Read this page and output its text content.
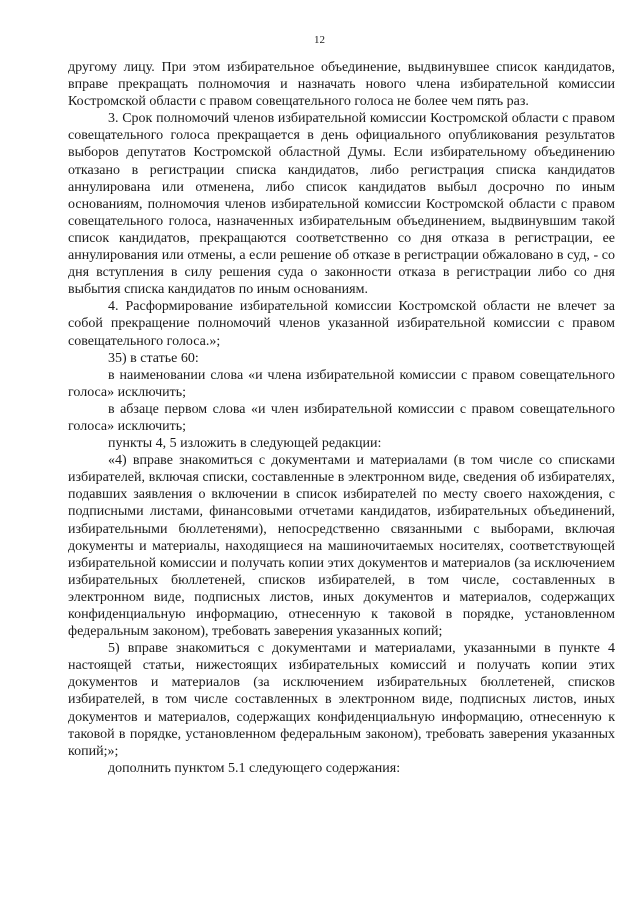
12

другому лицу. При этом избирательное объединение, выдвинувшее список кандидатов, вправе прекращать полномочия и назначать нового члена избирательной комиссии Костромской области с правом совещательного голоса не более чем пять раз.

3. Срок полномочий членов избирательной комиссии Костромской области с правом совещательного голоса прекращается в день официального опубликования результатов выборов депутатов Костромской областной Думы. Если избирательному объединению отказано в регистрации списка кандидатов, либо регистрация списка кандидатов аннулирована или отменена, либо список кандидатов выбыл досрочно по иным основаниям, полномочия членов избирательной комиссии Костромской области с правом совещательного голоса, назначенных избирательным объединением, выдвинувшим такой список кандидатов, прекращаются соответственно со дня отказа в регистрации, ее аннулирования или отмены, а если решение об отказе в регистрации обжаловано в суд, - со дня вступления в силу решения суда о законности отказа в регистрации либо со дня выбытия списка кандидатов по иным основаниям.

4. Расформирование избирательной комиссии Костромской области не влечет за собой прекращение полномочий членов указанной избирательной комиссии с правом совещательного голоса.»;

35) в статье 60:

в наименовании слова «и члена избирательной комиссии с правом совещательного голоса» исключить;

в абзаце первом слова «и член избирательной комиссии с правом совещательного голоса» исключить;

пункты 4, 5 изложить в следующей редакции:

«4) вправе знакомиться с документами и материалами (в том числе со списками избирателей, включая списки, составленные в электронном виде, сведения об избирателях, подавших заявления о включении в список избирателей по месту своего нахождения, с подписными листами, финансовыми отчетами кандидатов, избирательных объединений, избирательными бюллетенями), непосредственно связанными с выборами, включая документы и материалы, находящиеся на машиночитаемых носителях, соответствующей избирательной комиссии и получать копии этих документов и материалов (за исключением избирательных бюллетеней, списков избирателей, в том числе, составленных в электронном виде, подписных листов, иных документов и материалов, содержащих конфиденциальную информацию, отнесенную к таковой в порядке, установленном федеральным законом), требовать заверения указанных копий;

5) вправе знакомиться с документами и материалами, указанными в пункте 4 настоящей статьи, нижестоящих избирательных комиссий и получать копии этих документов и материалов (за исключением избирательных бюллетеней, списков избирателей, в том числе составленных в электронном виде, подписных листов, иных документов и материалов, содержащих конфиденциальную информацию, отнесенную к таковой в порядке, установленном федеральным законом), требовать заверения указанных копий;»;

дополнить пунктом 5.1 следующего содержания:
